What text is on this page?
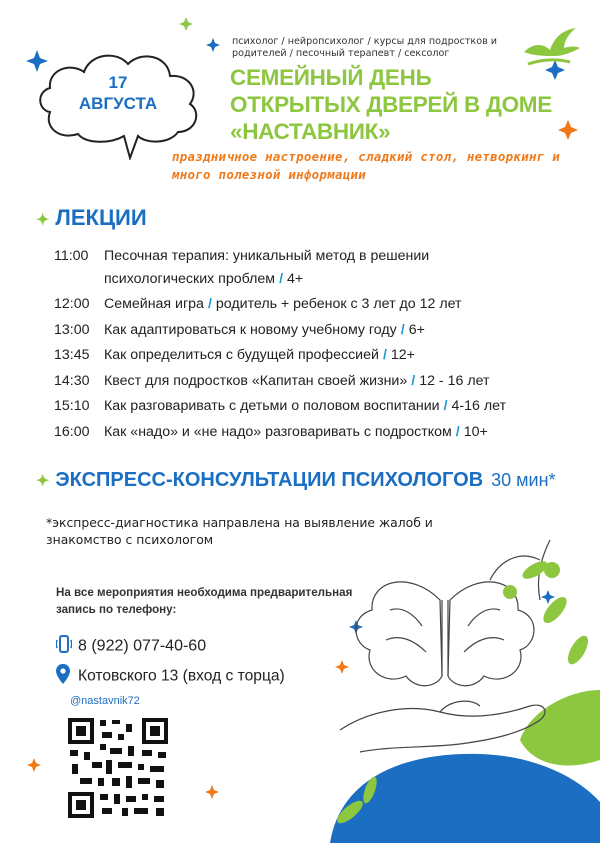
психолог / нейропсихолог / курсы для подростков и родителей / песочный терапевт / сексолог
17
АВГУСТА
СЕМЕЙНЫЙ ДЕНЬ ОТКРЫТЫХ ДВЕРЕЙ В ДОМЕ «НАСТАВНИК»
праздничное настроение, сладкий стол, нетворкинг и много полезной информации
✦ ЛЕКЦИИ
11:00 Песочная терапия: уникальный метод в решении
психологических проблем / 4+
12:00 Семейная игра / родитель + ребенок с 3 лет до 12 лет
13:00 Как адаптироваться к новому учебному году / 6+
13:45 Как определиться с будущей профессией / 12+
14:30 Квест для подростков «Капитан своей жизни» / 12 - 16 лет
15:10 Как разговаривать с детьми о половом воспитании / 4-16 лет
16:00 Как «надо» и «не надо» разговаривать с подростком / 10+
✦ ЭКСПРЕСС-КОНСУЛЬТАЦИИ ПСИХОЛОГОВ 30 мин*
*экспресс-диагностика направлена на выявление жалоб и знакомство с психологом
На все мероприятия необходима предварительная запись по телефону:
8 (922) 077-40-60
Котовского 13 (вход с торца)
@nastavnik72
